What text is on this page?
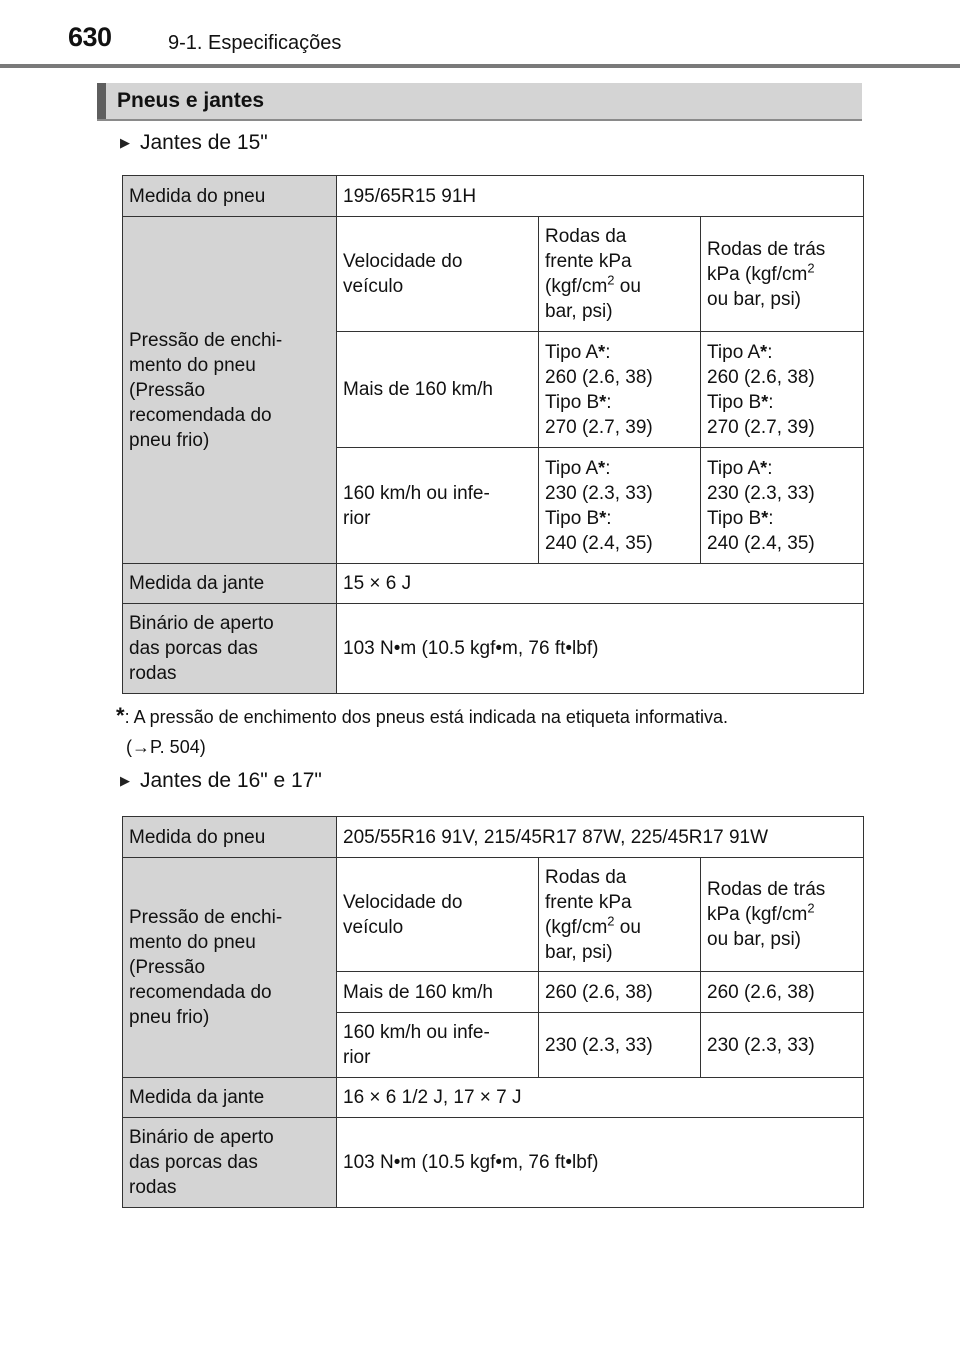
630	9-1. Especificações
Pneus e jantes
▶ Jantes de 15"
Medida do pneu	195/65R15 91H		
Pressão de enchi-
mento do pneu
(Pressão
recomendada do
pneu frio)	Velocidade do
veículo	Rodas da
frente kPa
($kgf/cm^2$ ou
bar, psi)	Rodas de trás
kPa ($kgf/cm^2$
ou bar, psi)
	Mais de 160 km/h	Tipo A*:
260 (2.6, 38)
Tipo B*:
270 (2.7, 39)	Tipo A*:
260 (2.6, 38)
Tipo B*:
270 (2.7, 39)
	160 km/h ou infe-
rior	Tipo A*:
230 (2.3, 33)
Tipo B*:
240 (2.4, 35)	Tipo A*:
230 (2.3, 33)
Tipo B*:
240 (2.4, 35)
Medida da jante	15 × 6 J		
Binário de aperto
das porcas das
rodas	103 N•m (10.5 kgf•m, 76 ft•lbf)		
*: A pressão de enchimento dos pneus está indicada na etiqueta informativa.
(→P. 504)
▶ Jantes de 16" e 17"
Medida do pneu	205/55R16 91V, 215/45R17 87W, 225/45R17 91W		
Pressão de enchi-
mento do pneu
(Pressão
recomendada do
pneu frio)	Velocidade do
veículo	Rodas da
frente kPa
($kgf/cm^2$ ou
bar, psi)	Rodas de trás
kPa ($kgf/cm^2$
ou bar, psi)
	Mais de 160 km/h	260 (2.6, 38)	260 (2.6, 38)
	160 km/h ou infe-
rior	230 (2.3, 33)	230 (2.3, 33)
Medida da jante	16 × 6 1/2 J, 17 × 7 J		
Binário de aperto
das porcas das
rodas	103 N•m (10.5 kgf•m, 76 ft•lbf)		
